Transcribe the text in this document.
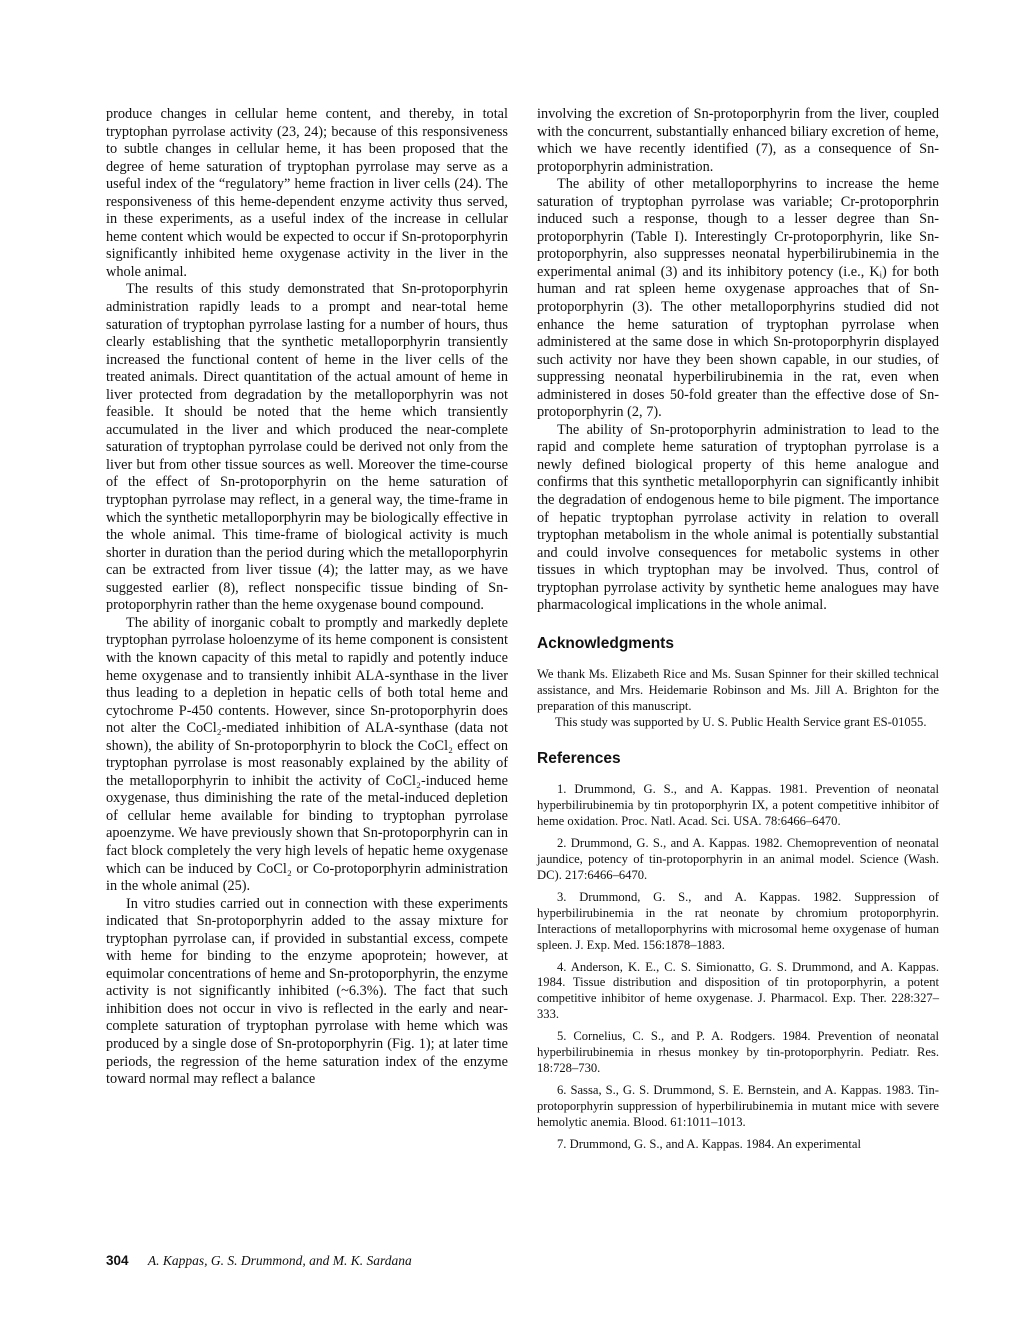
produce changes in cellular heme content, and thereby, in total tryptophan pyrrolase activity (23, 24); because of this responsiveness to subtle changes in cellular heme, it has been proposed that the degree of heme saturation of tryptophan pyrrolase may serve as a useful index of the “regulatory” heme fraction in liver cells (24). The responsiveness of this heme-dependent enzyme activity thus served, in these experiments, as a useful index of the increase in cellular heme content which would be expected to occur if Sn-protoporphyrin significantly inhibited heme oxygenase activity in the liver in the whole animal.

The results of this study demonstrated that Sn-protoporphyrin administration rapidly leads to a prompt and near-total heme saturation of tryptophan pyrrolase lasting for a number of hours, thus clearly establishing that the synthetic metalloporphyrin transiently increased the functional content of heme in the liver cells of the treated animals. Direct quantitation of the actual amount of heme in liver protected from degradation by the metalloporphyrin was not feasible. It should be noted that the heme which transiently accumulated in the liver and which produced the near-complete saturation of tryptophan pyrrolase could be derived not only from the liver but from other tissue sources as well. Moreover the time-course of the effect of Sn-protoporphyrin on the heme saturation of tryptophan pyrrolase may reflect, in a general way, the time-frame in which the synthetic metalloporphyrin may be biologically effective in the whole animal. This time-frame of biological activity is much shorter in duration than the period during which the metalloporphyrin can be extracted from liver tissue (4); the latter may, as we have suggested earlier (8), reflect nonspecific tissue binding of Sn-protoporphyrin rather than the heme oxygenase bound compound.

The ability of inorganic cobalt to promptly and markedly deplete tryptophan pyrrolase holoenzyme of its heme component is consistent with the known capacity of this metal to rapidly and potently induce heme oxygenase and to transiently inhibit ALA-synthase in the liver thus leading to a depletion in hepatic cells of both total heme and cytochrome P-450 contents. However, since Sn-protoporphyrin does not alter the CoCl₂-mediated inhibition of ALA-synthase (data not shown), the ability of Sn-protoporphyrin to block the CoCl₂ effect on tryptophan pyrrolase is most reasonably explained by the ability of the metalloporphyrin to inhibit the activity of CoCl₂-induced heme oxygenase, thus diminishing the rate of the metal-induced depletion of cellular heme available for binding to tryptophan pyrrolase apoenzyme. We have previously shown that Sn-protoporphyrin can in fact block completely the very high levels of hepatic heme oxygenase which can be induced by CoCl₂ or Co-protoporphyrin administration in the whole animal (25).

In vitro studies carried out in connection with these experiments indicated that Sn-protoporphyrin added to the assay mixture for tryptophan pyrrolase can, if provided in substantial excess, compete with heme for binding to the enzyme apoprotein; however, at equimolar concentrations of heme and Sn-protoporphyrin, the enzyme activity is not significantly inhibited (~6.3%). The fact that such inhibition does not occur in vivo is reflected in the early and near-complete saturation of tryptophan pyrrolase with heme which was produced by a single dose of Sn-protoporphyrin (Fig. 1); at later time periods, the regression of the heme saturation index of the enzyme toward normal may reflect a balance

involving the excretion of Sn-protoporphyrin from the liver, coupled with the concurrent, substantially enhanced biliary excretion of heme, which we have recently identified (7), as a consequence of Sn-protoporphyrin administration.

The ability of other metalloporphyrins to increase the heme saturation of tryptophan pyrrolase was variable; Cr-protoporphrin induced such a response, though to a lesser degree than Sn-protoporphyrin (Table I). Interestingly Cr-protoporphyrin, like Sn-protoporphyrin, also suppresses neonatal hyperbilirubinemia in the experimental animal (3) and its inhibitory potency (i.e., Kᵢ) for both human and rat spleen heme oxygenase approaches that of Sn-protoporphyrin (3). The other metalloporphyrins studied did not enhance the heme saturation of tryptophan pyrrolase when administered at the same dose in which Sn-protoporphyrin displayed such activity nor have they been shown capable, in our studies, of suppressing neonatal hyperbilirubinemia in the rat, even when administered in doses 50-fold greater than the effective dose of Sn-protoporphyrin (2, 7).

The ability of Sn-protoporphyrin administration to lead to the rapid and complete heme saturation of tryptophan pyrrolase is a newly defined biological property of this heme analogue and confirms that this synthetic metalloporphyrin can significantly inhibit the degradation of endogenous heme to bile pigment. The importance of hepatic tryptophan pyrrolase activity in relation to overall tryptophan metabolism in the whole animal is potentially substantial and could involve consequences for metabolic systems in other tissues in which tryptophan may be involved. Thus, control of tryptophan pyrrolase activity by synthetic heme analogues may have pharmacological implications in the whole animal.

Acknowledgments

We thank Ms. Elizabeth Rice and Ms. Susan Spinner for their skilled technical assistance, and Mrs. Heidemarie Robinson and Ms. Jill A. Brighton for the preparation of this manuscript.

This study was supported by U. S. Public Health Service grant ES-01055.

References
1. Drummond, G. S., and A. Kappas. 1981. Prevention of neonatal hyperbilirubinemia by tin protoporphyrin IX, a potent competitive inhibitor of heme oxidation. Proc. Natl. Acad. Sci. USA. 78:6466–6470.
2. Drummond, G. S., and A. Kappas. 1982. Chemoprevention of neonatal jaundice, potency of tin-protoporphyrin in an animal model. Science (Wash. DC). 217:6466–6470.
3. Drummond, G. S., and A. Kappas. 1982. Suppression of hyperbilirubinemia in the rat neonate by chromium protoporphyrin. Interactions of metalloporphyrins with microsomal heme oxygenase of human spleen. J. Exp. Med. 156:1878–1883.
4. Anderson, K. E., C. S. Simionatto, G. S. Drummond, and A. Kappas. 1984. Tissue distribution and disposition of tin protoporphyrin, a potent competitive inhibitor of heme oxygenase. J. Pharmacol. Exp. Ther. 228:327–333.
5. Cornelius, C. S., and P. A. Rodgers. 1984. Prevention of neonatal hyperbilirubinemia in rhesus monkey by tin-protoporphyrin. Pediatr. Res. 18:728–730.
6. Sassa, S., G. S. Drummond, S. E. Bernstein, and A. Kappas. 1983. Tin-protoporphyrin suppression of hyperbilirubinemia in mutant mice with severe hemolytic anemia. Blood. 61:1011–1013.
7. Drummond, G. S., and A. Kappas. 1984. An experimental
304 A. Kappas, G. S. Drummond, and M. K. Sardana
